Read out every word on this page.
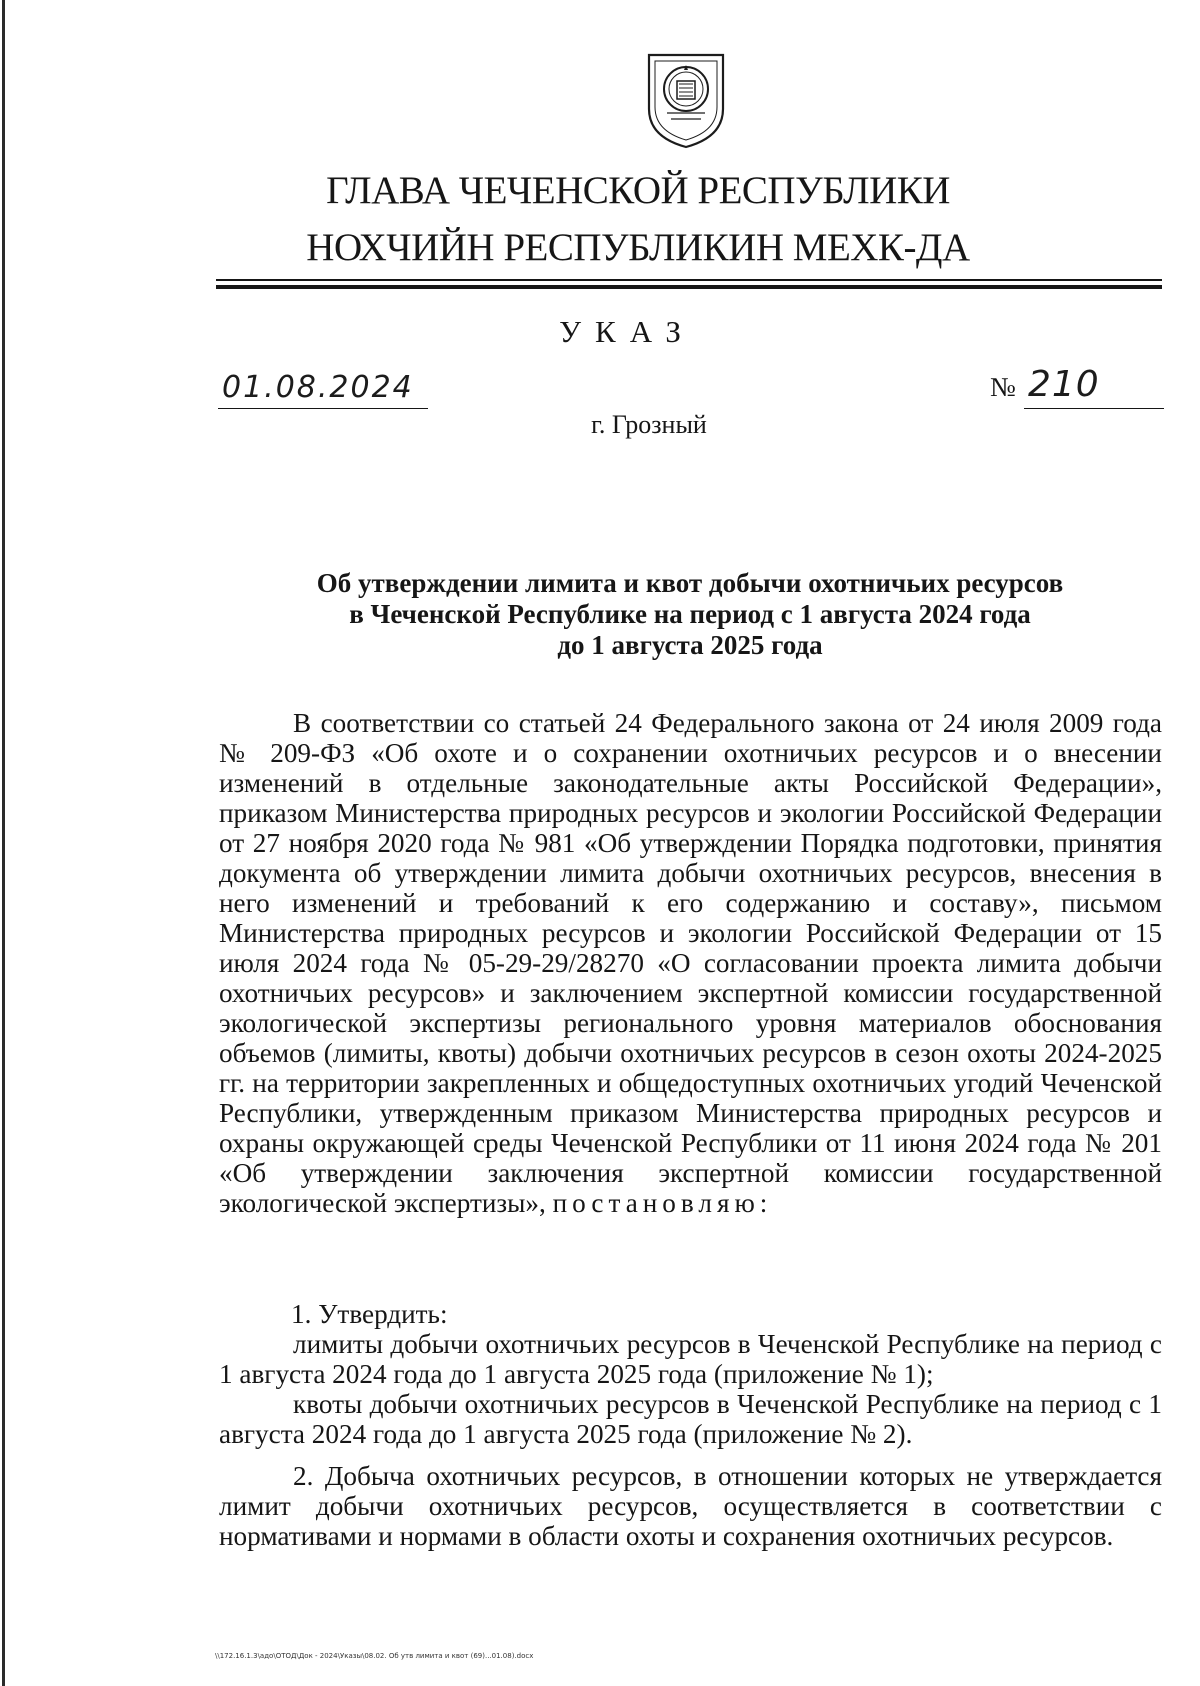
ГЛАВА ЧЕЧЕНСКОЙ РЕСПУБЛИКИ
НОХЧИЙН РЕСПУБЛИКИН МЕХК-ДА
УКАЗ
01.08.2024	№ 210
г. Грозный
Об утверждении лимита и квот добычи охотничьих ресурсов
в Чеченской Республике на период с 1 августа 2024 года
до 1 августа 2025 года

В соответствии со статьей 24 Федерального закона от 24 июля 2009 года № 209-ФЗ «Об охоте и о сохранении охотничьих ресурсов и о внесении изменений в отдельные законодательные акты Российской Федерации», приказом Министерства природных ресурсов и экологии Российской Федерации от 27 ноября 2020 года № 981 «Об утверждении Порядка подготовки, принятия документа об утверждении лимита добычи охотничьих ресурсов, внесения в него изменений и требований к его содержанию и составу», письмом Министерства природных ресурсов и экологии Российской Федерации от 15 июля 2024 года № 05-29-29/28270 «О согласовании проекта лимита добычи охотничьих ресурсов» и заключением экспертной комиссии государственной экологической экспертизы регионального уровня материалов обоснования объемов (лимиты, квоты) добычи охотничьих ресурсов в сезон охоты 2024-2025 гг. на территории закрепленных и общедоступных охотничьих угодий Чеченской Республики, утвержденным приказом Министерства природных ресурсов и охраны окружающей среды Чеченской Республики от 11 июня 2024 года № 201 «Об утверждении заключения экспертной комиссии государственной экологической экспертизы», постановляю:

1. Утвердить:

лимиты добычи охотничьих ресурсов в Чеченской Республике на период с 1 августа 2024 года до 1 августа 2025 года (приложение № 1);

квоты добычи охотничьих ресурсов в Чеченской Республике на период с 1 августа 2024 года до 1 августа 2025 года (приложение № 2).

2. Добыча охотничьих ресурсов, в отношении которых не утверждается лимит добычи охотничьих ресурсов, осуществляется в соответствии с нормативами и нормами в области охоты и сохранения охотничьих ресурсов.

\\172.16.1.3\адо\ОТОД\Док - 2024\Указы\08.02. Об утв лимита и квот (69)...01.08).docx
